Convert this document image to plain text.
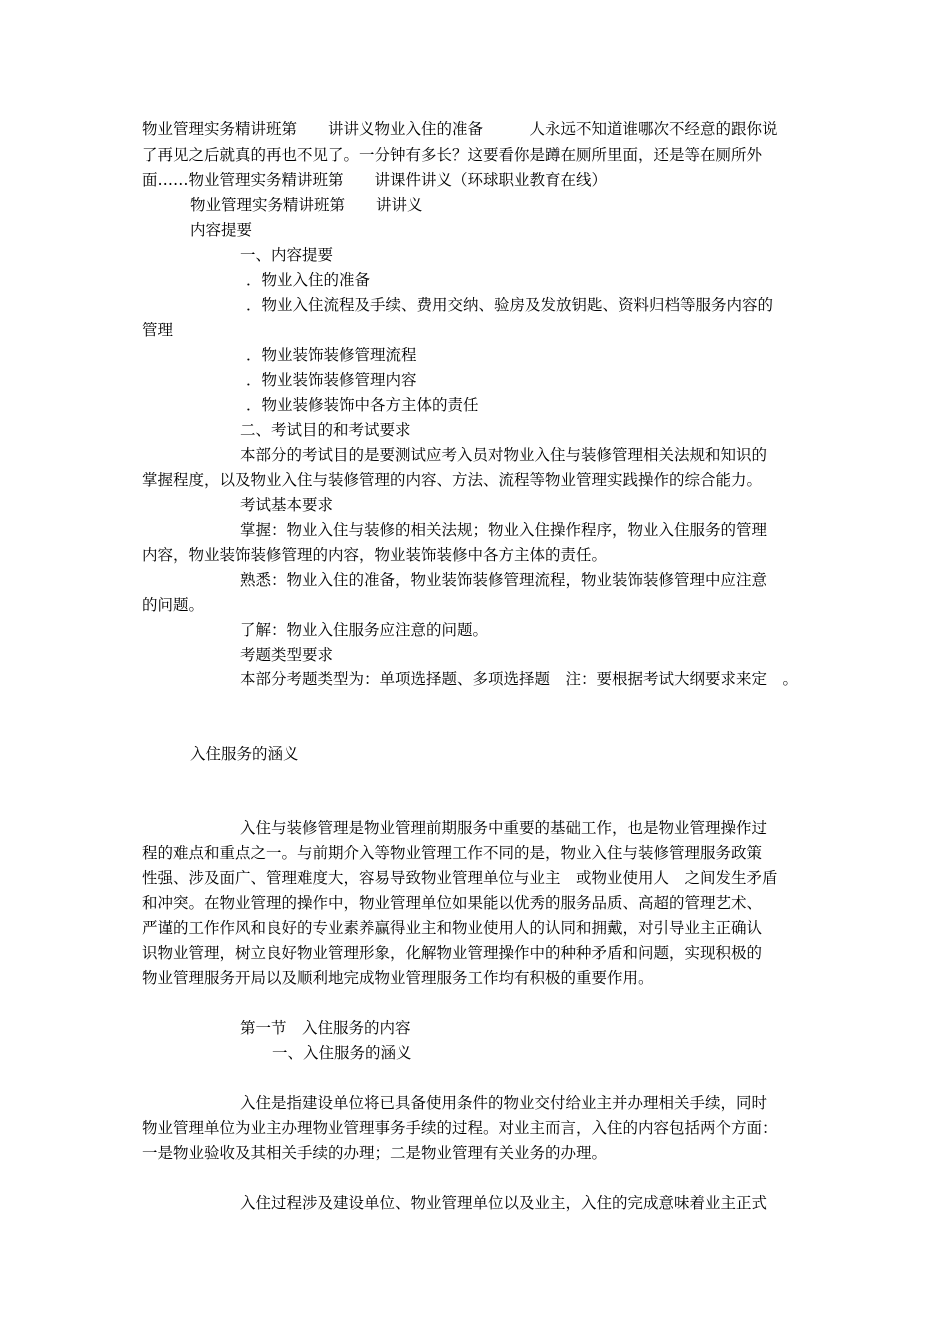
物业管理实务精讲班第　　讲讲义物业入住的准备　　　人永远不知道谁哪次不经意的跟你说
了再见之后就真的再也不见了。一分钟有多长？这要看你是蹲在厕所里面，还是等在厕所外
面……物业管理实务精讲班第　　讲课件讲义（环球职业教育在线）
物业管理实务精讲班第　　讲讲义
内容提要
一、内容提要
．物业入住的准备
．物业入住流程及手续、费用交纳、验房及发放钥匙、资料归档等服务内容的
管理
．物业装饰装修管理流程
．物业装饰装修管理内容
．物业装修装饰中各方主体的责任
二、考试目的和考试要求
本部分的考试目的是要测试应考入员对物业入住与装修管理相关法规和知识的
掌握程度，以及物业入住与装修管理的内容、方法、流程等物业管理实践操作的综合能力。
考试基本要求
掌握：物业入住与装修的相关法规；物业入住操作程序，物业入住服务的管理
内容，物业装饰装修管理的内容，物业装饰装修中各方主体的责任。
熟悉：物业入住的准备，物业装饰装修管理流程，物业装饰装修管理中应注意
的问题。
了解：物业入住服务应注意的问题。
考题类型要求
本部分考题类型为：单项选择题、多项选择题　注：要根据考试大纲要求来定　。
入住服务的涵义
入住与装修管理是物业管理前期服务中重要的基础工作，也是物业管理操作过
程的难点和重点之一。与前期介入等物业管理工作不同的是，物业入住与装修管理服务政策
性强、涉及面广、管理难度大，容易导致物业管理单位与业主　或物业使用人　之间发生矛盾
和冲突。在物业管理的操作中，物业管理单位如果能以优秀的服务品质、高超的管理艺术、
严谨的工作作风和良好的专业素养赢得业主和物业使用人的认同和拥戴，对引导业主正确认
识物业管理，树立良好物业管理形象，化解物业管理操作中的种种矛盾和问题，实现积极的
物业管理服务开局以及顺利地完成物业管理服务工作均有积极的重要作用。
第一节　入住服务的内容
一、入住服务的涵义
入住是指建设单位将已具备使用条件的物业交付给业主并办理相关手续，同时
物业管理单位为业主办理物业管理事务手续的过程。对业主而言，入住的内容包括两个方面：
一是物业验收及其相关手续的办理；二是物业管理有关业务的办理。
入住过程涉及建设单位、物业管理单位以及业主，入住的完成意味着业主正式
